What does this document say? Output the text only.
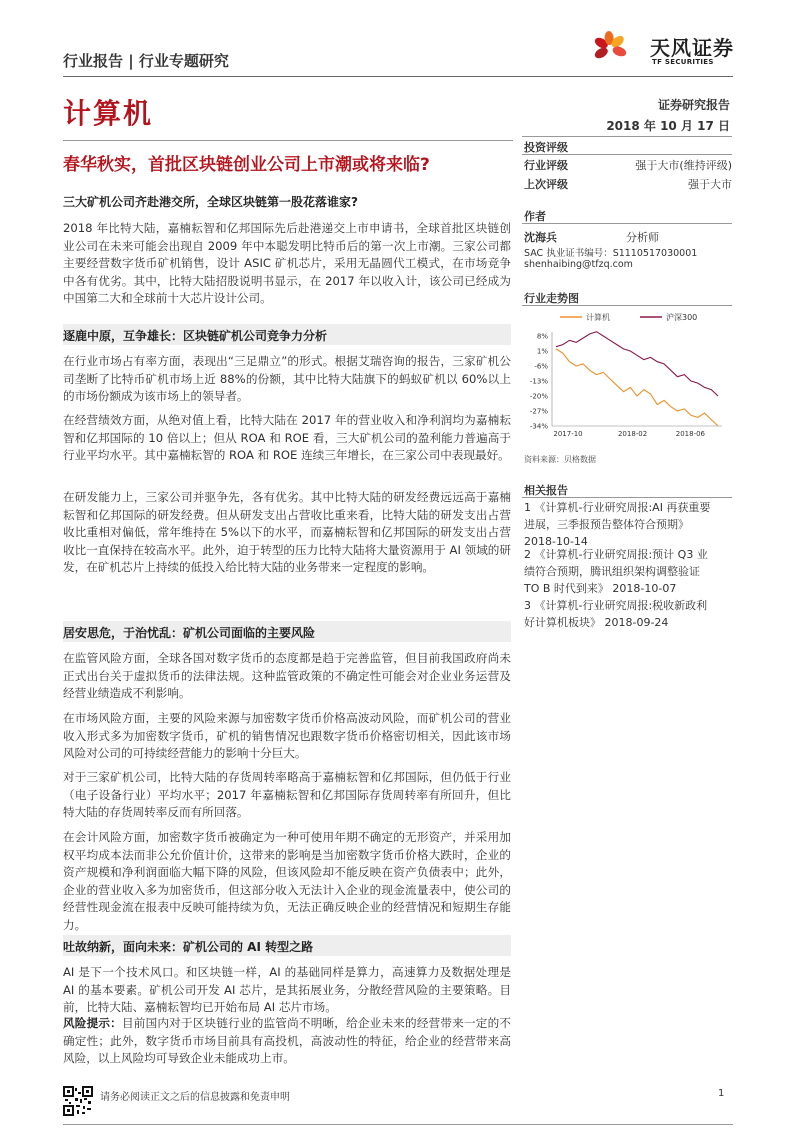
行业报告 | 行业专题研究
天风证券
TF SECURITIES
计算机	证券研究报告
2018 年 10 月 17 日
春华秋实，首批区块链创业公司上市潮或将来临?
投资评级
行业评级	强于大市(维持评级)
上次评级	强于大市
作者
沈海兵	分析师
SAC 执业证书编号：S1110517030001
shenhaibing@tfzq.com
行业走势图
计算机	沪深300
8%
1%
-6%
-13%
-20%
-27%
-34%
2017-10	2018-02	2018-06
资料来源：贝格数据
相关报告
1 《计算机-行业研究周报:AI 再获重要
进展，三季报预告整体符合预期》
2018-10-14
2 《计算机-行业研究周报:预计 Q3 业
绩符合预期，腾讯组织架构调整验证
TO B 时代到来》 2018-10-07
3 《计算机-行业研究周报:税收新政利
好计算机板块》 2018-09-24
三大矿机公司齐赴港交所，全球区块链第一股花落谁家?
2018 年比特大陆，嘉楠耘智和亿邦国际先后赴港递交上市申请书，全球首批区块链创业公司在未来可能会出现自 2009 年中本聪发明比特币后的第一次上市潮。三家公司都主要经营数字货币矿机销售，设计 ASIC 矿机芯片，采用无晶圆代工模式，在市场竞争中各有优劣。其中，比特大陆招股说明书显示，在 2017 年以收入计，该公司已经成为中国第二大和全球前十大芯片设计公司。
逐鹿中原，互争雄长：区块链矿机公司竞争力分析
在行业市场占有率方面，表现出“三足鼎立”的形式。根据艾瑞咨询的报告，三家矿机公司垄断了比特币矿机市场上近 88%的份额，其中比特大陆旗下的蚂蚁矿机以 60%以上的市场份额成为该市场上的领导者。
在经营绩效方面，从绝对值上看，比特大陆在 2017 年的营业收入和净利润均为嘉楠耘智和亿邦国际的 10 倍以上；但从 ROA 和 ROE 看，三大矿机公司的盈利能力普遍高于行业平均水平。其中嘉楠耘智的 ROA 和 ROE 连续三年增长，在三家公司中表现最好。
在研发能力上，三家公司并驱争先，各有优劣。其中比特大陆的研发经费远远高于嘉楠耘智和亿邦国际的研发经费。但从研发支出占营收比重来看，比特大陆的研发支出占营收比重相对偏低，常年维持在 5%以下的水平，而嘉楠耘智和亿邦国际的研发支出占营收比一直保持在较高水平。此外，迫于转型的压力比特大陆将大量资源用于 AI 领域的研发，在矿机芯片上持续的低投入给比特大陆的业务带来一定程度的影响。
居安思危，于治忧乱：矿机公司面临的主要风险
在监管风险方面，全球各国对数字货币的态度都是趋于完善监管，但目前我国政府尚未正式出台关于虚拟货币的法律法规。这种监管政策的不确定性可能会对企业业务运营及经营业绩造成不利影响。
在市场风险方面，主要的风险来源与加密数字货币价格高波动风险，而矿机公司的营业收入形式多为加密数字货币，矿机的销售情况也跟数字货币价格密切相关，因此该市场风险对公司的可持续经营能力的影响十分巨大。
对于三家矿机公司，比特大陆的存货周转率略高于嘉楠耘智和亿邦国际，但仍低于行业（电子设备行业）平均水平；2017 年嘉楠耘智和亿邦国际存货周转率有所回升，但比特大陆的存货周转率反而有所回落。
在会计风险方面，加密数字货币被确定为一种可使用年期不确定的无形资产，并采用加权平均成本法而非公允价值计价，这带来的影响是当加密数字货币价格大跌时，企业的资产规模和净利润面临大幅下降的风险，但该风险却不能反映在资产负债表中；此外，企业的营业收入多为加密货币，但这部分收入无法计入企业的现金流量表中，使公司的经营性现金流在报表中反映可能持续为负，无法正确反映企业的经营情况和短期生存能力。
吐故纳新，面向未来：矿机公司的 AI 转型之路
AI 是下一个技术风口。和区块链一样，AI 的基础同样是算力，高速算力及数据处理是 AI 的基本要素。矿机公司开发 AI 芯片，是其拓展业务，分散经营风险的主要策略。目前，比特大陆、嘉楠耘智均已开始布局 AI 芯片市场。
风险提示：目前国内对于区块链行业的监管尚不明晰，给企业未来的经营带来一定的不确定性；此外，数字货币市场目前具有高投机，高波动性的特征，给企业的经营带来高风险，以上风险均可导致企业未能成功上市。
请务必阅读正文之后的信息披露和免责申明	1
